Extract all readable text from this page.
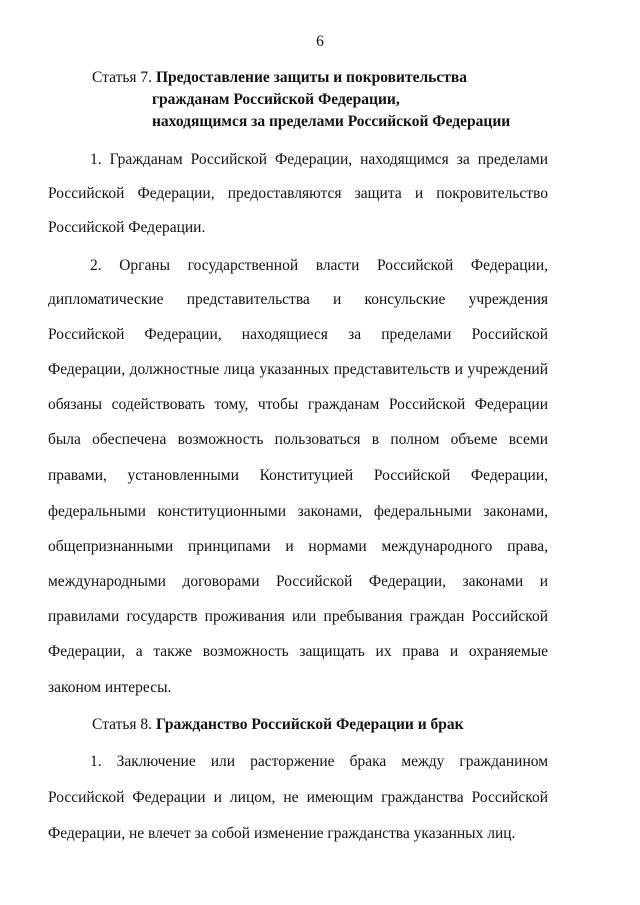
6
Статья 7. Предоставление защиты и покровительства
гражданам Российской Федерации,
находящимся за пределами Российской Федерации
1. Гражданам Российской Федерации, находящимся за пределами
Российской Федерации, предоставляются защита и покровительство
Российской Федерации.
2. Органы государственной власти Российской Федерации,
дипломатические представительства и консульские учреждения
Российской Федерации, находящиеся за пределами Российской
Федерации, должностные лица указанных представительств и учреждений
обязаны содействовать тому, чтобы гражданам Российской Федерации
была обеспечена возможность пользоваться в полном объеме всеми
правами, установленными Конституцией Российской Федерации,
федеральными конституционными законами, федеральными законами,
общепризнанными принципами и нормами международного права,
международными договорами Российской Федерации, законами и
правилами государств проживания или пребывания граждан Российской
Федерации, а также возможность защищать их права и охраняемые
законом интересы.
Статья 8. Гражданство Российской Федерации и брак
1. Заключение или расторжение брака между гражданином
Российской Федерации и лицом, не имеющим гражданства Российской
Федерации, не влечет за собой изменение гражданства указанных лиц.
